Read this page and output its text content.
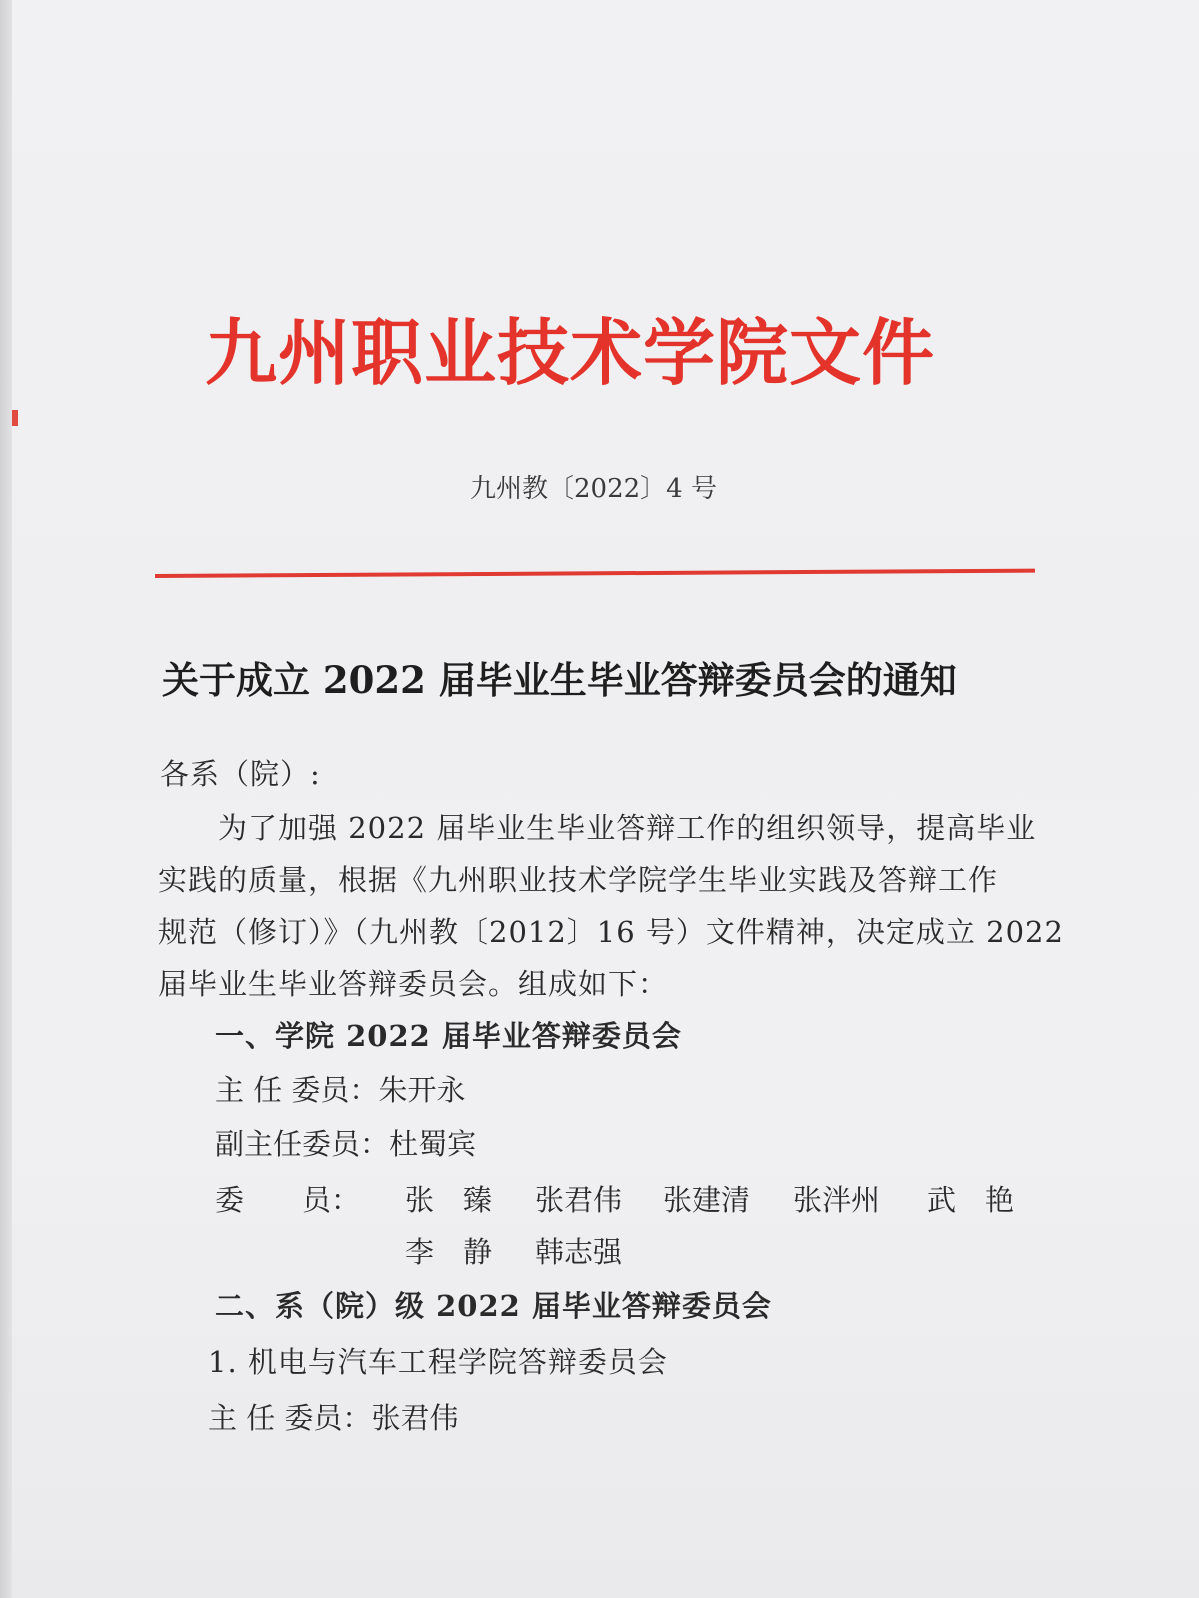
九州职业技术学院文件
九州教〔2022〕4 号
关于成立 2022 届毕业生毕业答辩委员会的通知
各系（院）:
为了加强 2022 届毕业生毕业答辩工作的组织领导，提高毕业
实践的质量，根据《九州职业技术学院学生毕业实践及答辩工作
规范（修订）》（九州教〔2012〕16 号）文件精神，决定成立 2022
届毕业生毕业答辩委员会。组成如下：
一、学院 2022 届毕业答辩委员会
主 任 委员：朱开永
副主任委员：杜蜀宾
委　　员： 张　臻 张君伟 张建清 张泮州 武　艳
李　静 韩志强
二、系（院）级 2022 届毕业答辩委员会
1. 机电与汽车工程学院答辩委员会
主 任 委员：张君伟
